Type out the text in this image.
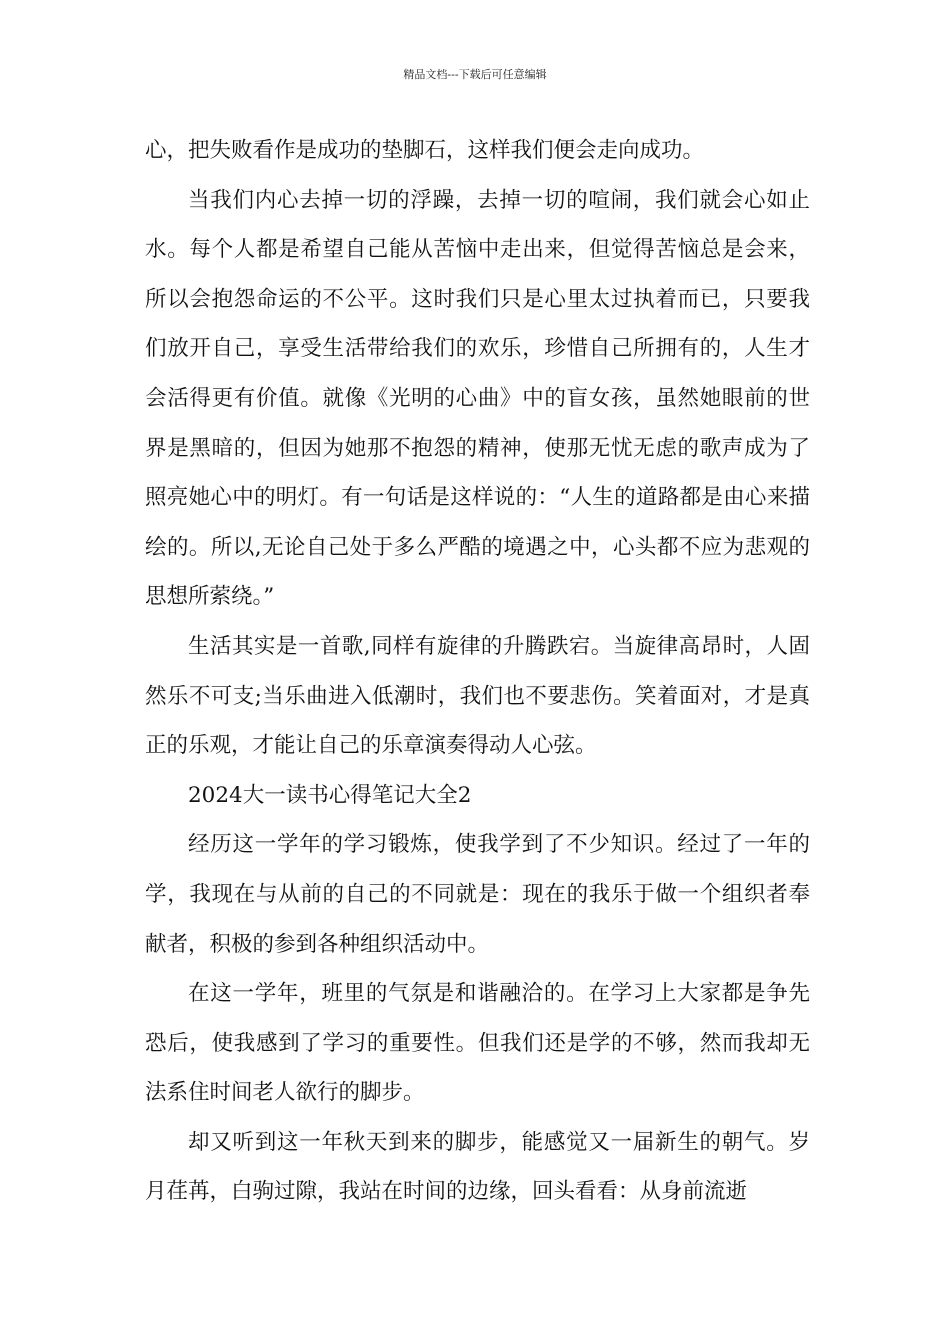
精品文档---下载后可任意编辑

心，把失败看作是成功的垫脚石，这样我们便会走向成功。

当我们内心去掉一切的浮躁，去掉一切的喧闹，我们就会心如止水。每个人都是希望自己能从苦恼中走出来，但觉得苦恼总是会来，所以会抱怨命运的不公平。这时我们只是心里太过执着而已，只要我们放开自己，享受生活带给我们的欢乐，珍惜自己所拥有的，人生才会活得更有价值。就像《光明的心曲》中的盲女孩，虽然她眼前的世界是黑暗的，但因为她那不抱怨的精神，使那无忧无虑的歌声成为了照亮她心中的明灯。有一句话是这样说的：“人生的道路都是由心来描绘的。所以,无论自己处于多么严酷的境遇之中，心头都不应为悲观的思想所萦绕。”

生活其实是一首歌,同样有旋律的升腾跌宕。当旋律高昂时，人固然乐不可支;当乐曲进入低潮时，我们也不要悲伤。笑着面对，才是真正的乐观，才能让自己的乐章演奏得动人心弦。

2024大一读书心得笔记大全2

经历这一学年的学习锻炼，使我学到了不少知识。经过了一年的学，我现在与从前的自己的不同就是：现在的我乐于做一个组织者奉献者，积极的参到各种组织活动中。

在这一学年，班里的气氛是和谐融洽的。在学习上大家都是争先恐后，使我感到了学习的重要性。但我们还是学的不够，然而我却无法系住时间老人欲行的脚步。

却又听到这一年秋天到来的脚步，能感觉又一届新生的朝气。岁月荏苒，白驹过隙，我站在时间的边缘，回头看看：从身前流逝
